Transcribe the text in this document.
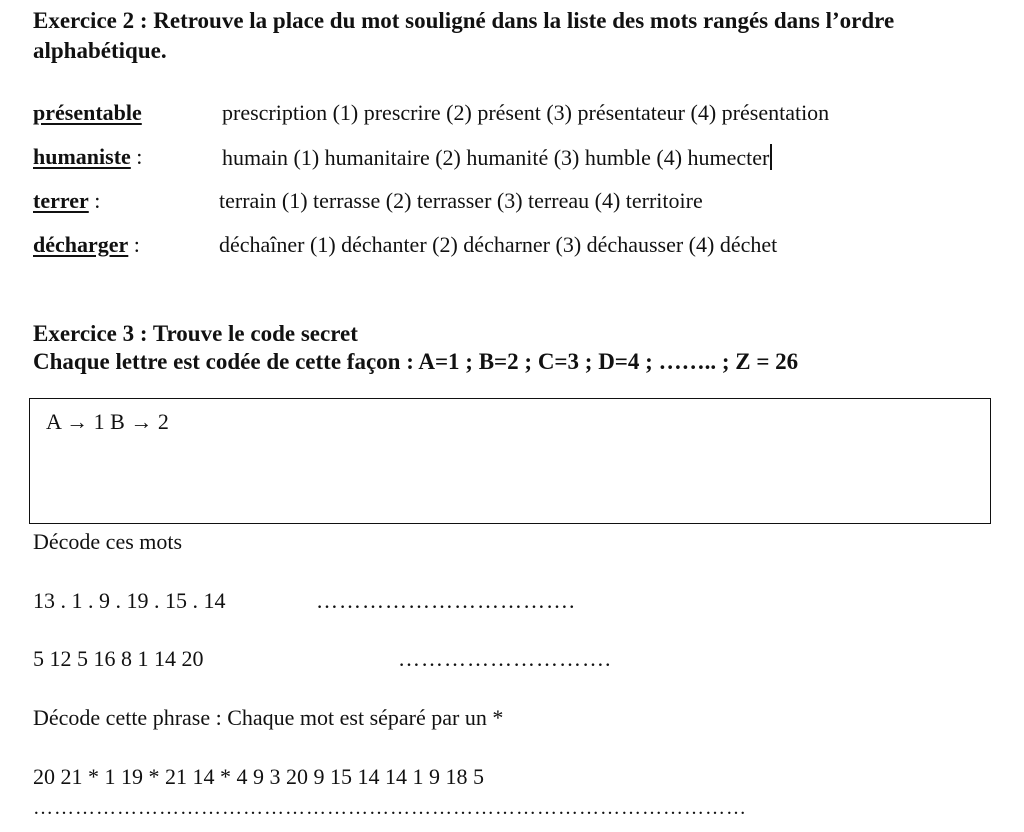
Exercice 2 : Retrouve la place du mot souligné dans la liste des mots rangés dans l’ordre
alphabétique.
présentable	prescription (1) prescrire (2) présent (3) présentateur (4) présentation
humaniste :	humain (1) humanitaire (2) humanité (3) humble (4) humecter
terrer :	terrain (1) terrasse (2) terrasser (3) terreau (4) territoire
décharger :	déchaîner (1) déchanter (2) décharner (3) déchausser (4) déchet
Exercice 3 : Trouve le code secret
Chaque lettre est codée de cette façon : A=1 ; B=2 ; C=3 ; D=4 ; …….. ; Z = 26
A → 1 B → 2
Décode ces mots
13 . 1 . 9 . 19 . 15 . 14	…………………………….
5 12 5 16 8 1 14 20	……………………….
Décode cette phrase : Chaque mot est séparé par un *
20 21 * 1 19 * 21 14 * 4 9 3 20 9 15 14 14 1 9 18 5
…………………………………………………………………………………………
